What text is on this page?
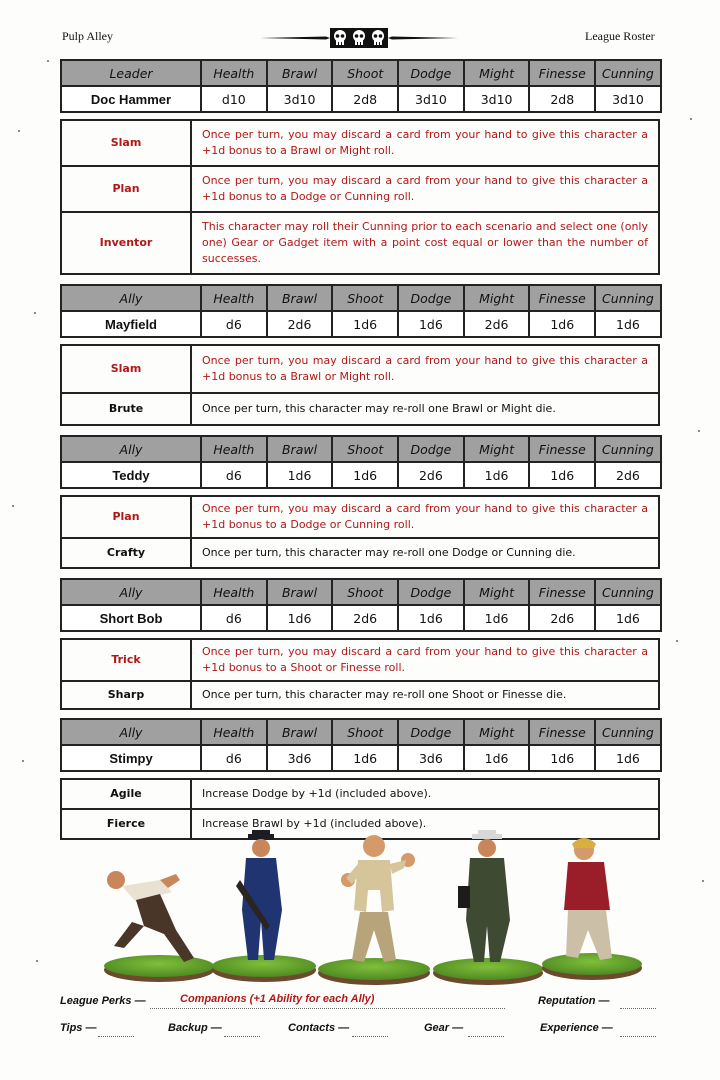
Pulp Alley	League Roster
Leader	Health	Brawl	Shoot	Dodge	Might	Finesse	Cunning
Doc Hammer	d10	3d10	2d8	3d10	3d10	2d8	3d10
Slam	Once per turn, you may discard a card from your hand to give this character a +1d bonus to a Brawl or Might roll.
Plan	Once per turn, you may discard a card from your hand to give this character a +1d bonus to a Dodge or Cunning roll.
Inventor	This character may roll their Cunning prior to each scenario and select one (only one) Gear or Gadget item with a point cost equal or lower than the number of successes.
Ally	Health	Brawl	Shoot	Dodge	Might	Finesse	Cunning
Mayfield	d6	2d6	1d6	1d6	2d6	1d6	1d6
Slam	Once per turn, you may discard a card from your hand to give this character a +1d bonus to a Brawl or Might roll.
Brute	Once per turn, this character may re-roll one Brawl or Might die.
Ally	Health	Brawl	Shoot	Dodge	Might	Finesse	Cunning
Teddy	d6	1d6	1d6	2d6	1d6	1d6	2d6
Plan	Once per turn, you may discard a card from your hand to give this character a +1d bonus to a Dodge or Cunning roll.
Crafty	Once per turn, this character may re-roll one Dodge or Cunning die.
Ally	Health	Brawl	Shoot	Dodge	Might	Finesse	Cunning
Short Bob	d6	1d6	2d6	1d6	1d6	2d6	1d6
Trick	Once per turn, you may discard a card from your hand to give this character a +1d bonus to a Shoot or Finesse roll.
Sharp	Once per turn, this character may re-roll one Shoot or Finesse die.
Ally	Health	Brawl	Shoot	Dodge	Might	Finesse	Cunning
Stimpy	d6	3d6	1d6	3d6	1d6	1d6	1d6
Agile	Increase Dodge by +1d (included above).
Fierce	Increase Brawl by +1d (included above).
League Perks —	Companions (+1 Ability for each Ally)	Reputation —
Tips —	Backup —	Contacts —	Gear —	Experience —
